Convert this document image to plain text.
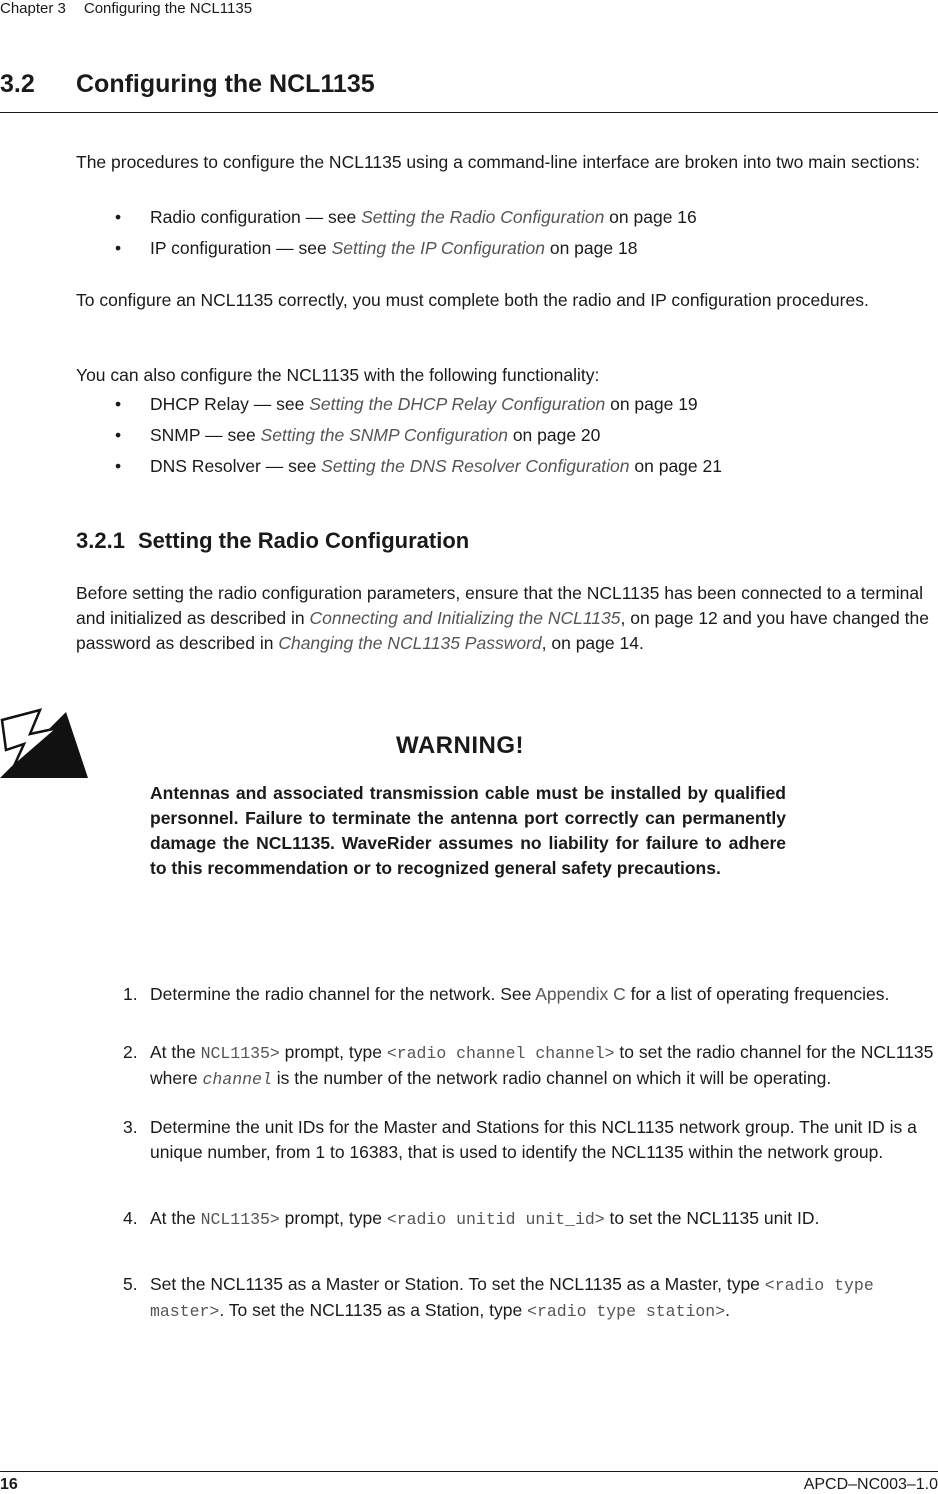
Chapter 3 Configuring the NCL1135
3.2 Configuring the NCL1135
The procedures to configure the NCL1135 using a command-line interface are broken into two main sections:
• Radio configuration — see Setting the Radio Configuration on page 16
• IP configuration — see Setting the IP Configuration on page 18
To configure an NCL1135 correctly, you must complete both the radio and IP configuration procedures.
You can also configure the NCL1135 with the following functionality:
• DHCP Relay — see Setting the DHCP Relay Configuration on page 19
• SNMP — see Setting the SNMP Configuration on page 20
• DNS Resolver — see Setting the DNS Resolver Configuration on page 21
3.2.1 Setting the Radio Configuration
Before setting the radio configuration parameters, ensure that the NCL1135 has been connected to a terminal and initialized as described in Connecting and Initializing the NCL1135, on page 12 and you have changed the password as described in Changing the NCL1135 Password, on page 14.
WARNING!
Antennas and associated transmission cable must be installed by qualified personnel. Failure to terminate the antenna port correctly can permanently damage the NCL1135. WaveRider assumes no liability for failure to adhere to this recommendation or to recognized general safety precautions.
1. Determine the radio channel for the network. See Appendix C for a list of operating frequencies.
2. At the NCL1135> prompt, type <radio channel channel> to set the radio channel for the NCL1135 where channel is the number of the network radio channel on which it will be operating.
3. Determine the unit IDs for the Master and Stations for this NCL1135 network group. The unit ID is a unique number, from 1 to 16383, that is used to identify the NCL1135 within the network group.
4. At the NCL1135> prompt, type <radio unitid unit_id> to set the NCL1135 unit ID.
5. Set the NCL1135 as a Master or Station. To set the NCL1135 as a Master, type <radio type master>. To set the NCL1135 as a Station, type <radio type station>.
16	APCD–NC003–1.0
